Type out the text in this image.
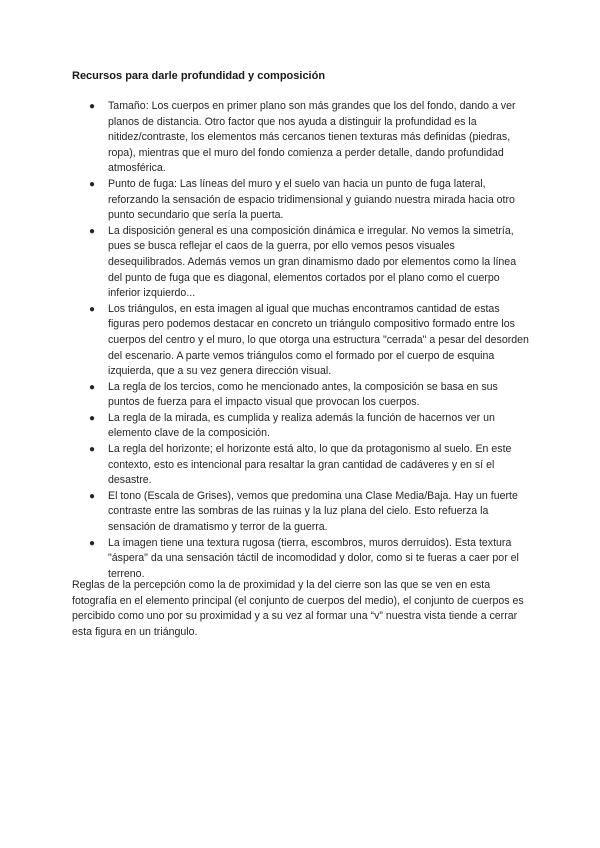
Recursos para darle profundidad y composición
● Tamaño: Los cuerpos en primer plano son más grandes que los del fondo, dando a ver planos de distancia. Otro factor que nos ayuda a distinguir la profundidad es la nitidez/contraste, los elementos más cercanos tienen texturas más definidas (piedras, ropa), mientras que el muro del fondo comienza a perder detalle, dando profundidad atmosférica.
● Punto de fuga: Las líneas del muro y el suelo van hacia un punto de fuga lateral, reforzando la sensación de espacio tridimensional y guiando nuestra mirada hacia otro punto secundario que sería la puerta.
● La disposición general es una composición dinámica e irregular. No vemos la simetría, pues se busca reflejar el caos de la guerra, por ello vemos pesos visuales desequilibrados. Además vemos un gran dinamismo dado por elementos como la línea del punto de fuga que es diagonal, elementos cortados por el plano como el cuerpo inferior izquierdo...
● Los triángulos, en esta imagen al igual que muchas encontramos cantidad de estas figuras pero podemos destacar en concreto un triángulo compositivo formado entre los cuerpos del centro y el muro, lo que otorga una estructura "cerrada" a pesar del desorden del escenario. A parte vemos triángulos como el formado por el cuerpo de esquina izquierda, que a su vez genera dirección visual.
● La regla de los tercios, como he mencionado antes, la composición se basa en sus puntos de fuerza para el impacto visual que provocan los cuerpos.
● La regla de la mirada, es cumplida y realiza además la función de hacernos ver un elemento clave de la composición.
● La regla del horizonte; el horizonte está alto, lo que da protagonismo al suelo. En este contexto, esto es intencional para resaltar la gran cantidad de cadáveres y en sí el desastre.
● El tono (Escala de Grises), vemos que predomina una Clase Media/Baja. Hay un fuerte contraste entre las sombras de las ruinas y la luz plana del cielo. Esto refuerza la sensación de dramatismo y terror de la guerra.
● La imagen tiene una textura rugosa (tierra, escombros, muros derruidos). Esta textura "áspera" da una sensación táctil de incomodidad y dolor, como si te fueras a caer por el terreno.

Reglas de la percepción como la de proximidad y la del cierre son las que se ven en esta fotografía en el elemento principal (el conjunto de cuerpos del medio), el conjunto de cuerpos es percibido como uno por su proximidad y a su vez al formar una “v” nuestra vista tiende a cerrar esta figura en un triángulo.
